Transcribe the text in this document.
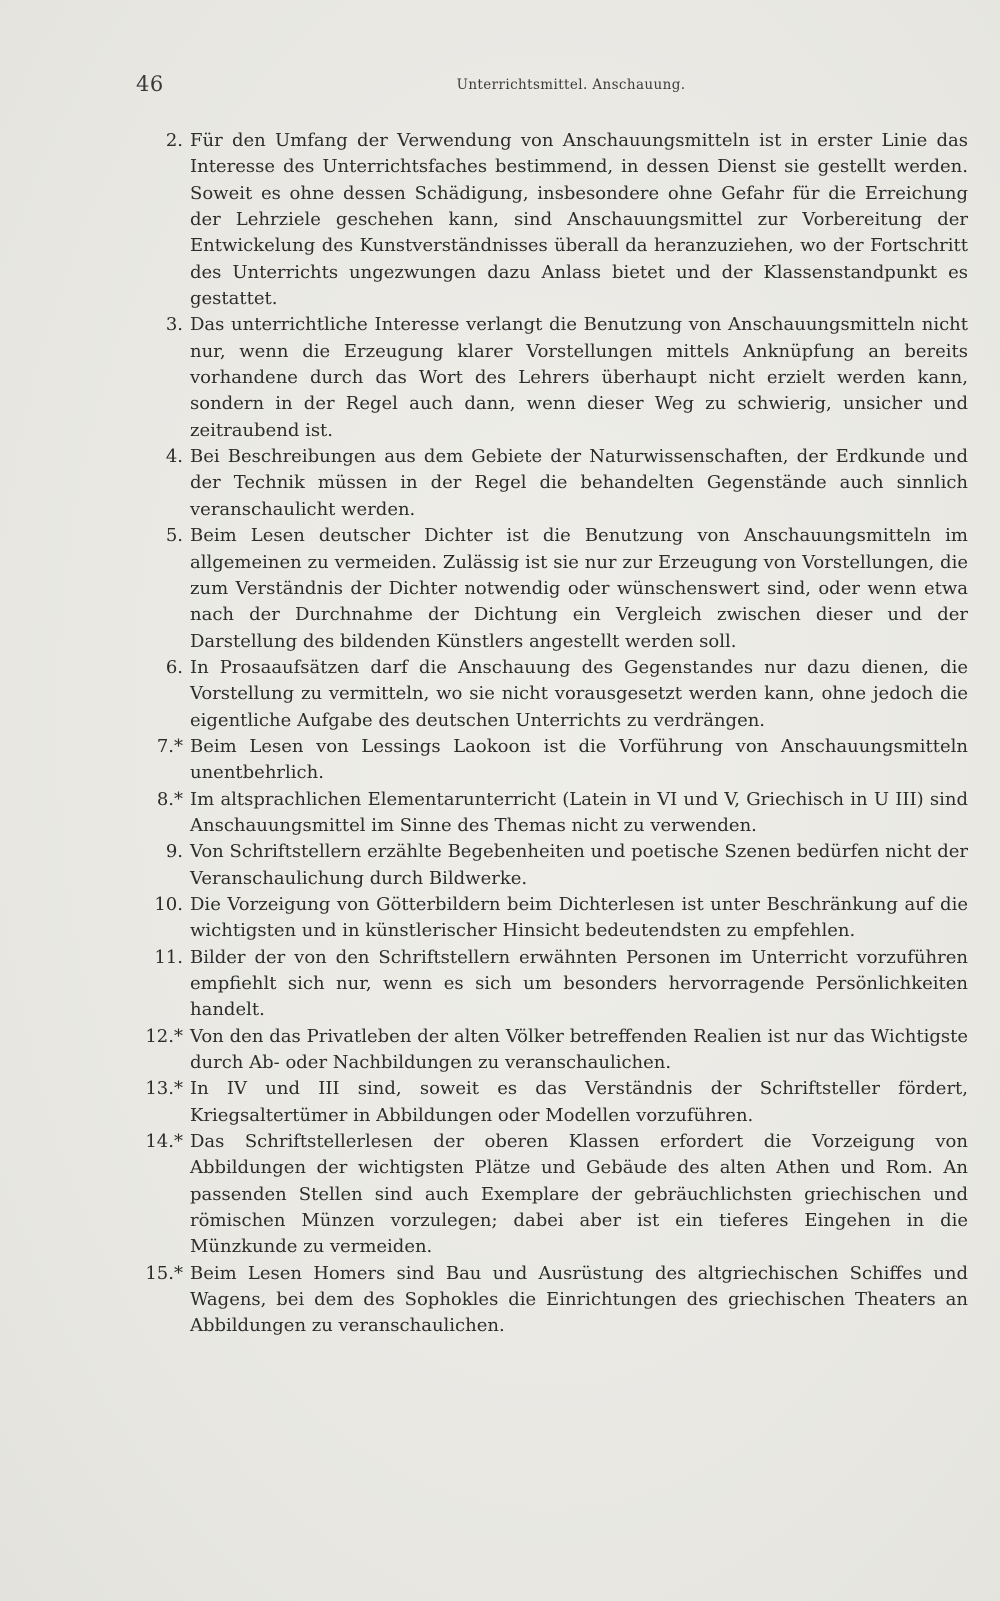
46	Unterrichtsmittel. Anschauung.
2. Für den Umfang der Verwendung von Anschauungsmitteln ist in erster Linie das Interesse des Unterrichtsfaches bestimmend, in dessen Dienst sie gestellt werden. Soweit es ohne dessen Schädigung, insbesondere ohne Gefahr für die Erreichung der Lehrziele geschehen kann, sind Anschauungsmittel zur Vorbereitung der Entwickelung des Kunstverständnisses überall da heranzuziehen, wo der Fortschritt des Unterrichts ungezwungen dazu Anlass bietet und der Klassenstandpunkt es gestattet.
3. Das unterrichtliche Interesse verlangt die Benutzung von Anschauungsmitteln nicht nur, wenn die Erzeugung klarer Vorstellungen mittels Anknüpfung an bereits vorhandene durch das Wort des Lehrers überhaupt nicht erzielt werden kann, sondern in der Regel auch dann, wenn dieser Weg zu schwierig, unsicher und zeitraubend ist.
4. Bei Beschreibungen aus dem Gebiete der Naturwissenschaften, der Erdkunde und der Technik müssen in der Regel die behandelten Gegenstände auch sinnlich veranschaulicht werden.
5. Beim Lesen deutscher Dichter ist die Benutzung von Anschauungsmitteln im allgemeinen zu vermeiden. Zulässig ist sie nur zur Erzeugung von Vorstellungen, die zum Verständnis der Dichter notwendig oder wünschenswert sind, oder wenn etwa nach der Durchnahme der Dichtung ein Vergleich zwischen dieser und der Darstellung des bildenden Künstlers angestellt werden soll.
6. In Prosaaufsätzen darf die Anschauung des Gegenstandes nur dazu dienen, die Vorstellung zu vermitteln, wo sie nicht vorausgesetzt werden kann, ohne jedoch die eigentliche Aufgabe des deutschen Unterrichts zu verdrängen.
7.* Beim Lesen von Lessings Laokoon ist die Vorführung von Anschauungsmitteln unentbehrlich.
8.* Im altsprachlichen Elementarunterricht (Latein in VI und V, Griechisch in U III) sind Anschauungsmittel im Sinne des Themas nicht zu verwenden.
9. Von Schriftstellern erzählte Begebenheiten und poetische Szenen bedürfen nicht der Veranschaulichung durch Bildwerke.
10. Die Vorzeigung von Götterbildern beim Dichterlesen ist unter Beschränkung auf die wichtigsten und in künstlerischer Hinsicht bedeutendsten zu empfehlen.
11. Bilder der von den Schriftstellern erwähnten Personen im Unterricht vorzuführen empfiehlt sich nur, wenn es sich um besonders hervorragende Persönlichkeiten handelt.
12.* Von den das Privatleben der alten Völker betreffenden Realien ist nur das Wichtigste durch Ab- oder Nachbildungen zu veranschaulichen.
13.* In IV und III sind, soweit es das Verständnis der Schriftsteller fördert, Kriegsaltertümer in Abbildungen oder Modellen vorzuführen.
14.* Das Schriftstellerlesen der oberen Klassen erfordert die Vorzeigung von Abbildungen der wichtigsten Plätze und Gebäude des alten Athen und Rom. An passenden Stellen sind auch Exemplare der gebräuchlichsten griechischen und römischen Münzen vorzulegen; dabei aber ist ein tieferes Eingehen in die Münzkunde zu vermeiden.
15.* Beim Lesen Homers sind Bau und Ausrüstung des altgriechischen Schiffes und Wagens, bei dem des Sophokles die Einrichtungen des griechischen Theaters an Abbildungen zu veranschaulichen.
